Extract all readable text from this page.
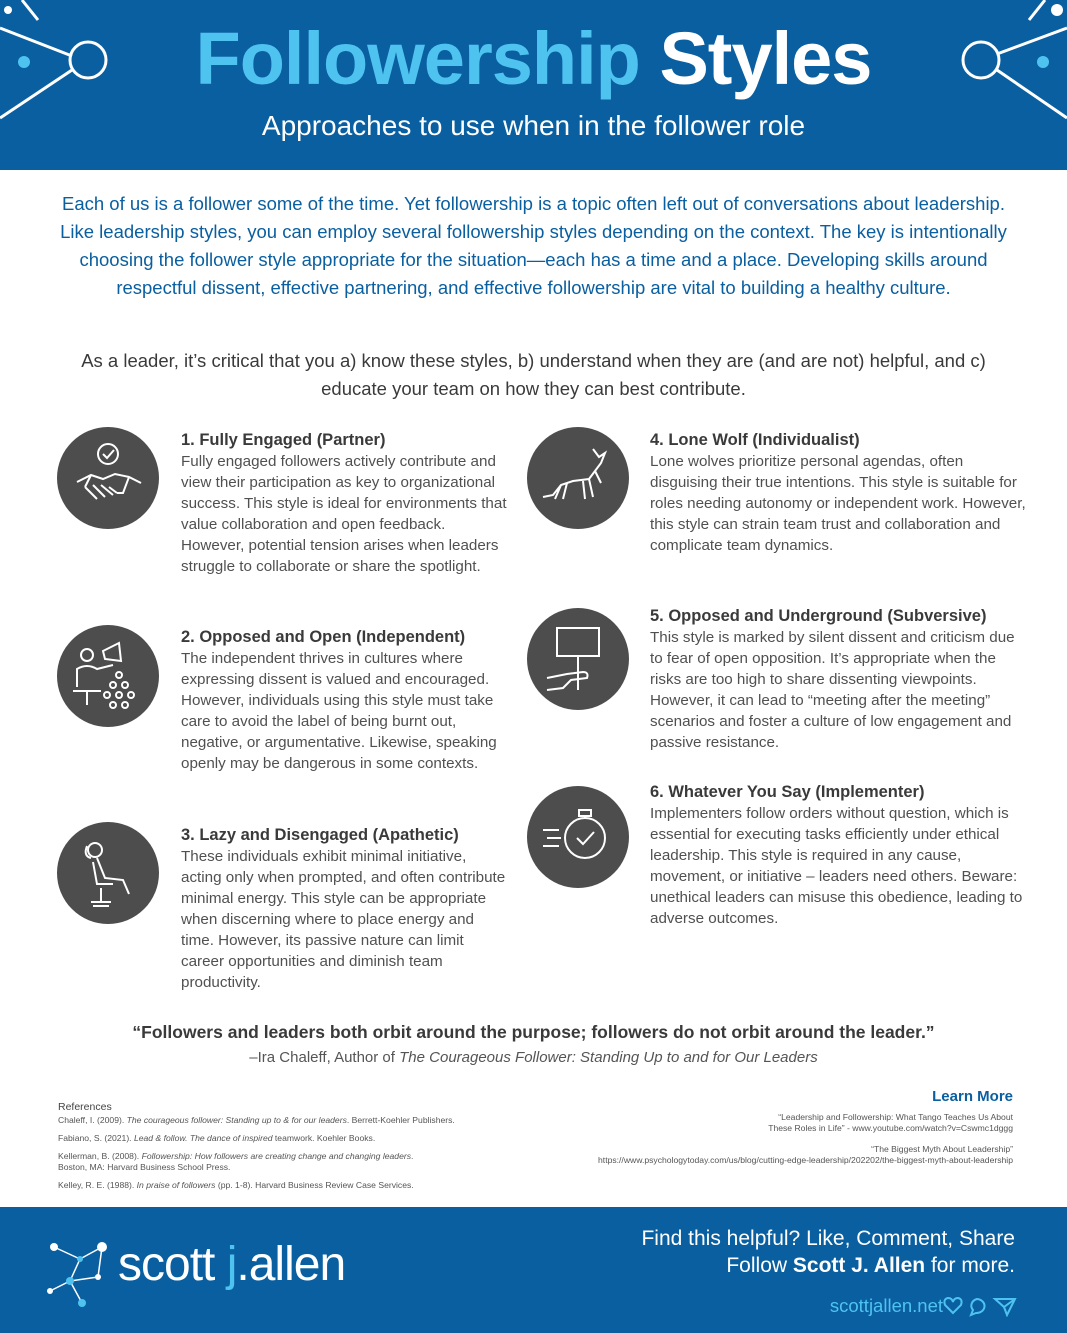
Followership Styles
Approaches to use when in the follower role
Each of us is a follower some of the time. Yet followership is a topic often left out of conversations about leadership. Like leadership styles, you can employ several followership styles depending on the context. The key is intentionally choosing the follower style appropriate for the situation—each has a time and a place. Developing skills around respectful dissent, effective partnering, and effective followership are vital to building a healthy culture.
As a leader, it’s critical that you a) know these styles, b) understand when they are (and are not) helpful, and c) educate your team on how they can best contribute.
1. Fully Engaged (Partner)
Fully engaged followers actively contribute and view their participation as key to organizational success. This style is ideal for environments that value collaboration and open feedback. However, potential tension arises when leaders struggle to collaborate or share the spotlight.
2. Opposed and Open (Independent)
The independent thrives in cultures where expressing dissent is valued and encouraged. However, individuals using this style must take care to avoid the label of being burnt out, negative, or argumentative. Likewise, speaking openly may be dangerous in some contexts.
3. Lazy and Disengaged (Apathetic)
These individuals exhibit minimal initiative, acting only when prompted, and often contribute minimal energy. This style can be appropriate when discerning where to place energy and time. However, its passive nature can limit career opportunities and diminish team productivity.
4. Lone Wolf (Individualist)
Lone wolves prioritize personal agendas, often disguising their true intentions. This style is suitable for roles needing autonomy or independent work. However, this style can strain team trust and collaboration and complicate team dynamics.
5. Opposed and Underground (Subversive)
This style is marked by silent dissent and criticism due to fear of open opposition. It’s appropriate when the risks are too high to share dissenting viewpoints. However, it can lead to “meeting after the meeting” scenarios and foster a culture of low engagement and passive resistance.
6. Whatever You Say (Implementer)
Implementers follow orders without question, which is essential for executing tasks efficiently under ethical leadership. This style is required in any cause, movement, or initiative – leaders need others. Beware: unethical leaders can misuse this obedience, leading to adverse outcomes.
“Followers and leaders both orbit around the purpose; followers do not orbit around the leader.”
–Ira Chaleff, Author of The Courageous Follower: Standing Up to and for Our Leaders
References
Chaleff, I. (2009). The courageous follower: Standing up to & for our leaders. Berrett-Koehler Publishers.
Fabiano, S. (2021). Lead & follow. The dance of inspired teamwork. Koehler Books.
Kellerman, B. (2008). Followership: How followers are creating change and changing leaders. Boston, MA: Harvard Business School Press.
Kelley, R. E. (1988). In praise of followers (pp. 1-8). Harvard Business Review Case Services.
Learn More
“Leadership and Followership: What Tango Teaches Us About
These Roles in Life” - www.youtube.com/watch?v=Cswmc1dggg
“The Biggest Myth About Leadership”
https://www.psychologytoday.com/us/blog/cutting-edge-leadership/202202/the-biggest-myth-about-leadership
scott j.allen	Find this helpful? Like, Comment, Share
Follow Scott J. Allen for more.
scottjallen.net
